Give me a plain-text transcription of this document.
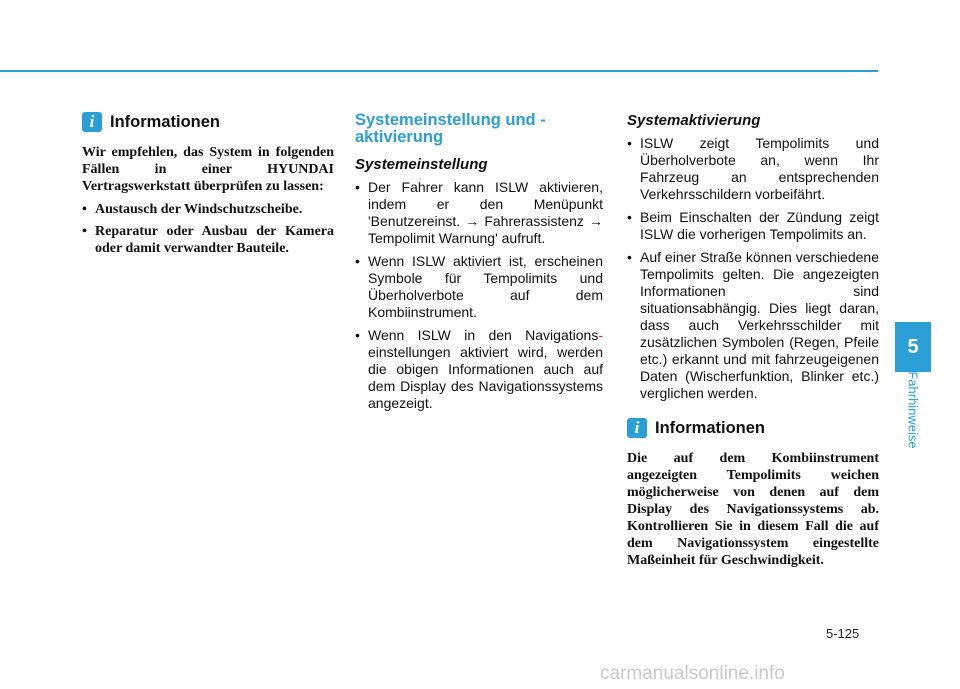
i Informationen

Wir empfehlen, das System in folgenden Fällen in einer HYUNDAI Vertragswerkstatt überprüfen zu lassen:

• Austausch der Windschutzscheibe.
• Reparatur oder Ausbau der Kamera oder damit verwandter Bauteile.
Systemeinstellung und - aktivierung
Systemeinstellung
• Der Fahrer kann ISLW aktivieren, indem er den Menüpunkt 'Benutzereinst. → Fahrerassistenz → Tempolimit Warnung' aufruft.
• Wenn ISLW aktiviert ist, erscheinen Symbole für Tempolimits und Überholverbote auf dem Kombiinstrument.
• Wenn ISLW in den Navigations-einstellungen aktiviert wird, werden die obigen Informationen auch auf dem Display des Navigationssystems angezeigt.
Systemaktivierung
• ISLW zeigt Tempolimits und Überholverbote an, wenn Ihr Fahrzeug an entsprechenden Verkehrsschildern vorbeifährt.
• Beim Einschalten der Zündung zeigt ISLW die vorherigen Tempolimits an.
• Auf einer Straße können verschiedene Tempolimits gelten. Die angezeigten Informationen sind situationsabhängig. Dies liegt daran, dass auch Verkehrsschilder mit zusätzlichen Symbolen (Regen, Pfeile etc.) erkannt und mit fahrzeugeigenen Daten (Wischerfunktion, Blinker etc.) verglichen werden.
i Informationen

Die auf dem Kombiinstrument angezeigten Tempolimits weichen möglicherweise von denen auf dem Display des Navigationssystems ab. Kontrollieren Sie in diesem Fall die auf dem Navigationssystem eingestellte Maßeinheit für Geschwindigkeit.

5
Fahrhinweise
5-125
carmanualsonline.info
